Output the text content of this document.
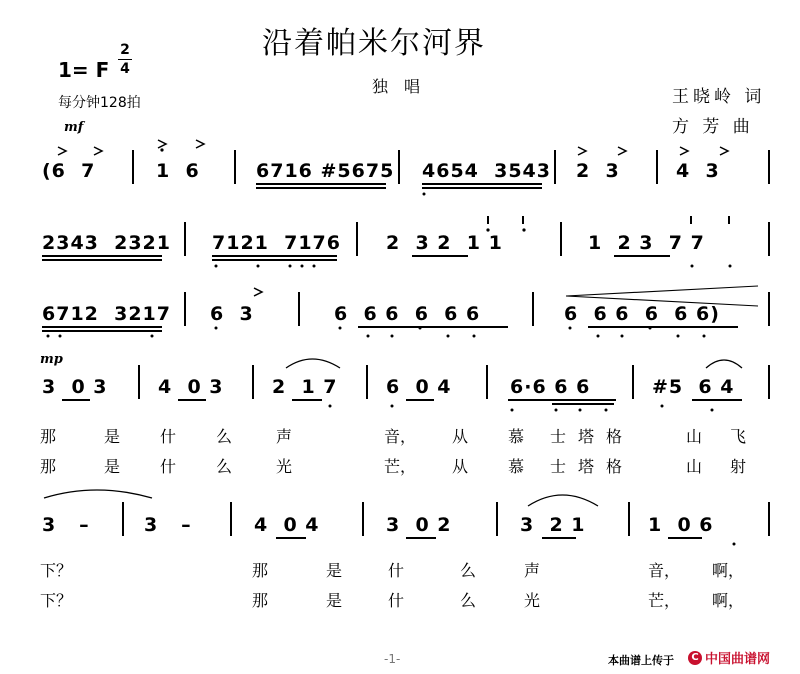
沿着帕米尔河界
独唱
王晓岭 词
方 芳 曲
1= F
2
4
每分钟128拍
mf
(6  7	1  6	6716 #5675 4654  3543 2  3	4  3
2343  2321 7121  7176 2  3 2  1 1	1  2 3  7 7
6712  3217 6  3	6  6 6  6  6 6	6  6 6  6  6 6)
mp
3  0 3	4  0 3	2  1 7	6  0 4	6·6 6 6	#5  6 4
那	是 什 么	声	音， 从 慕 士 塔 格	山 飞
那	是 什 么	光	芒， 从 慕 士 塔 格	山 射
3   –	3   –	4  0 4	3  0 2	3  2 1	1  0 6
下？	那	是	什	么	声	音， 啊，
下？	那	是	什	么	光	芒， 啊，
-1-	本曲谱上传于	C 中国曲谱网
